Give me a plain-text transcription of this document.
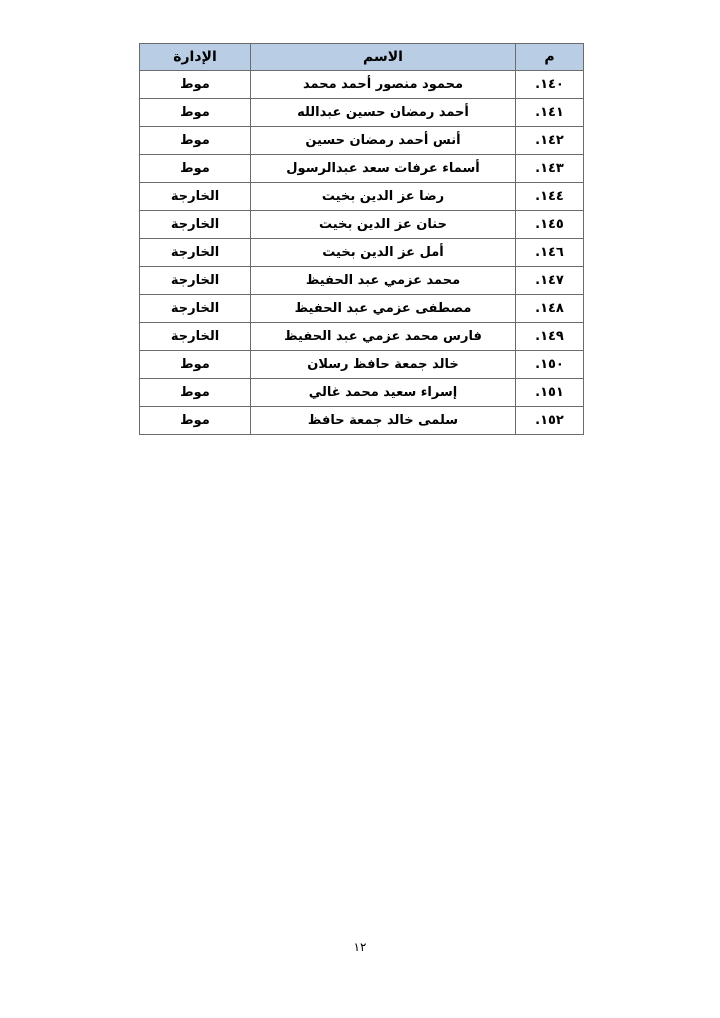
م	الاسم	الإدارة
١٤٠.	محمود منصور أحمد محمد	موط
١٤١.	أحمد رمضان حسين عبدالله	موط
١٤٢.	أنس أحمد رمضان حسين	موط
١٤٣.	أسماء عرفات سعد عبدالرسول	موط
١٤٤.	رضا عز الدين بخيت	الخارجة
١٤٥.	حنان عز الدين بخيت	الخارجة
١٤٦.	أمل عز الدين بخيت	الخارجة
١٤٧.	محمد عزمي عبد الحفيظ	الخارجة
١٤٨.	مصطفى عزمي عبد الحفيظ	الخارجة
١٤٩.	فارس محمد عزمي عبد الحفيظ	الخارجة
١٥٠.	خالد جمعة حافظ رسلان	موط
١٥١.	إسراء سعيد محمد غالي	موط
١٥٢.	سلمى خالد جمعة حافظ	موط
١٢
